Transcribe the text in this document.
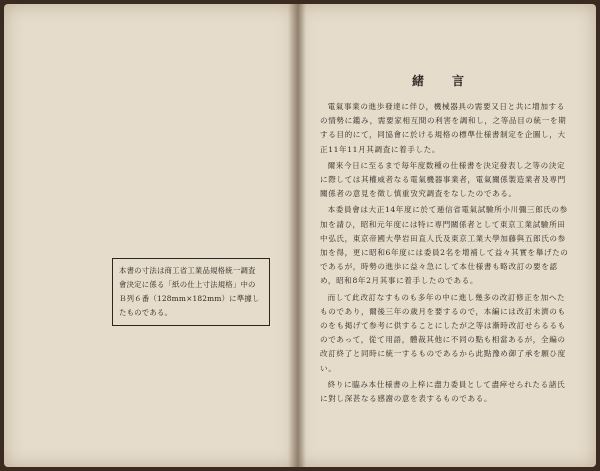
本書の寸法は商工省工業品規格統一調査會決定に係る「紙の仕上寸法規格」中のＢ列６番（128mm×182mm）に準據したものである。
緒　言

電氣事業の進歩發達に伴ひ，機械器具の需要又日と共に增加するの情勢に鑑み，需要家相互間の利害を調和し，之等品目の統一を期する目的にて，同協會に於ける規格の標準仕様書制定を企圖し，大正11年11月其調査に着手した。

爾來今日に至るまで毎年度数種の仕様書を決定發表し之等の決定に際しては其權威者なる電氣機器事業者，電氣關係製造業者及専門關係者の意見を徵し慎重攷究調査をなしたのである。

本委員會は大正14年度に於て逓信省電氣試驗所小川彌三郎氏の参加を請ひ，昭和元年度には特に専門關係者として東京工業試驗所田中弘氏，東京帝國大學岩田直人氏及東京工業大學加藤與五郎氏の参加を得，更に昭和6年度には委員2名を增補して益々其實を舉げたのであるが，時勢の進歩に益々急にして本仕様書も略改訂の要を認め，昭和8年2月其事に着手したのである。

而して此改訂なすものも多年の中に進し幾多の改訂修正を加へたものであり，爾後三年の歳月を要するので，本編には改訂未濟のものをも掲げて参考に供することにしたが之等は漸時改訂せらるるものであって，從て用語，體裁其他に不同の點も相當あるが，全編の改訂終了と同時に統一するものであるから此點豫め御了承を願ひ度い。

終りに臨み本仕様書の上梓に盡力委員として盡瘁せられたる諸氏に對し深甚なる感謝の意を表するものである。
